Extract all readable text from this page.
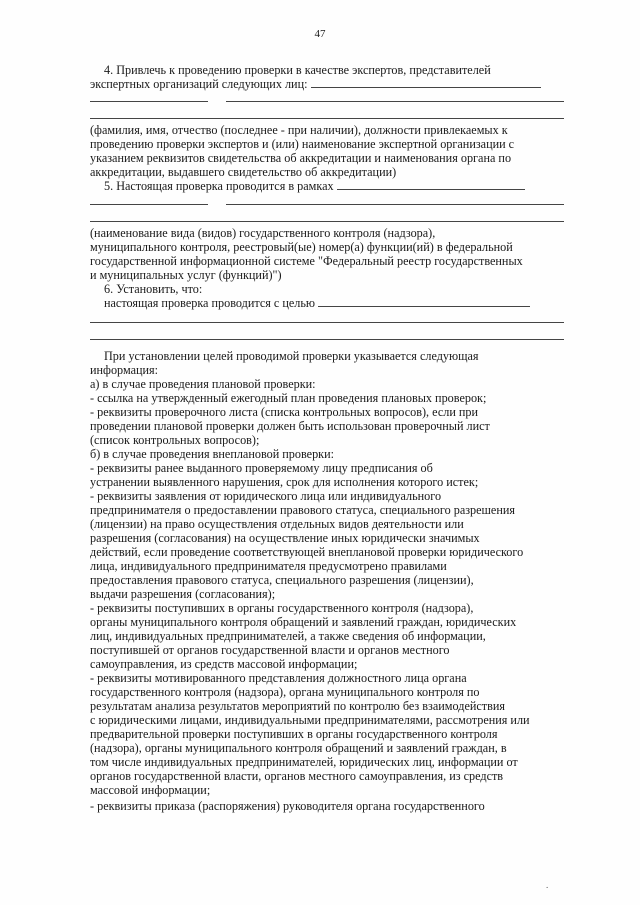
47
4. Привлечь к проведению проверки в качестве экспертов, представителей
экспертных организаций следующих лиц:
(фамилия, имя, отчество (последнее - при наличии), должности привлекаемых к
проведению проверки экспертов и (или) наименование экспертной организации с
указанием реквизитов свидетельства об аккредитации и наименования органа по
аккредитации, выдавшего свидетельство об аккредитации)
5. Настоящая проверка проводится в рамках
(наименование вида (видов) государственного контроля (надзора),
муниципального контроля, реестровый(ые) номер(а) функции(ий) в федеральной
государственной информационной системе "Федеральный реестр государственных
и муниципальных услуг (функций)")
6. Установить, что:
настоящая проверка проводится с целью
При установлении целей проводимой проверки указывается следующая
информация:
а) в случае проведения плановой проверки:
- ссылка на утвержденный ежегодный план проведения плановых проверок;
- реквизиты проверочного листа (списка контрольных вопросов), если при
проведении плановой проверки должен быть использован проверочный лист
(список контрольных вопросов);
б) в случае проведения внеплановой проверки:
- реквизиты ранее выданного проверяемому лицу предписания об
устранении выявленного нарушения, срок для исполнения которого истек;
- реквизиты заявления от юридического лица или индивидуального
предпринимателя о предоставлении правового статуса, специального разрешения
(лицензии) на право осуществления отдельных видов деятельности или
разрешения (согласования) на осуществление иных юридически значимых
действий, если проведение соответствующей внеплановой проверки юридического
лица, индивидуального предпринимателя предусмотрено правилами
предоставления правового статуса, специального разрешения (лицензии),
выдачи разрешения (согласования);
- реквизиты поступивших в органы государственного контроля (надзора),
органы муниципального контроля обращений и заявлений граждан, юридических
лиц, индивидуальных предпринимателей, а также сведения об информации,
поступившей от органов государственной власти и органов местного
самоуправления, из средств массовой информации;
- реквизиты мотивированного представления должностного лица органа
государственного контроля (надзора), органа муниципального контроля по
результатам анализа результатов мероприятий по контролю без взаимодействия
с юридическими лицами, индивидуальными предпринимателями, рассмотрения или
предварительной проверки поступивших в органы государственного контроля
(надзора), органы муниципального контроля обращений и заявлений граждан, в
том числе индивидуальных предпринимателей, юридических лиц, информации от
органов государственной власти, органов местного самоуправления, из средств
массовой информации;
- реквизиты приказа (распоряжения) руководителя органа государственного
.
